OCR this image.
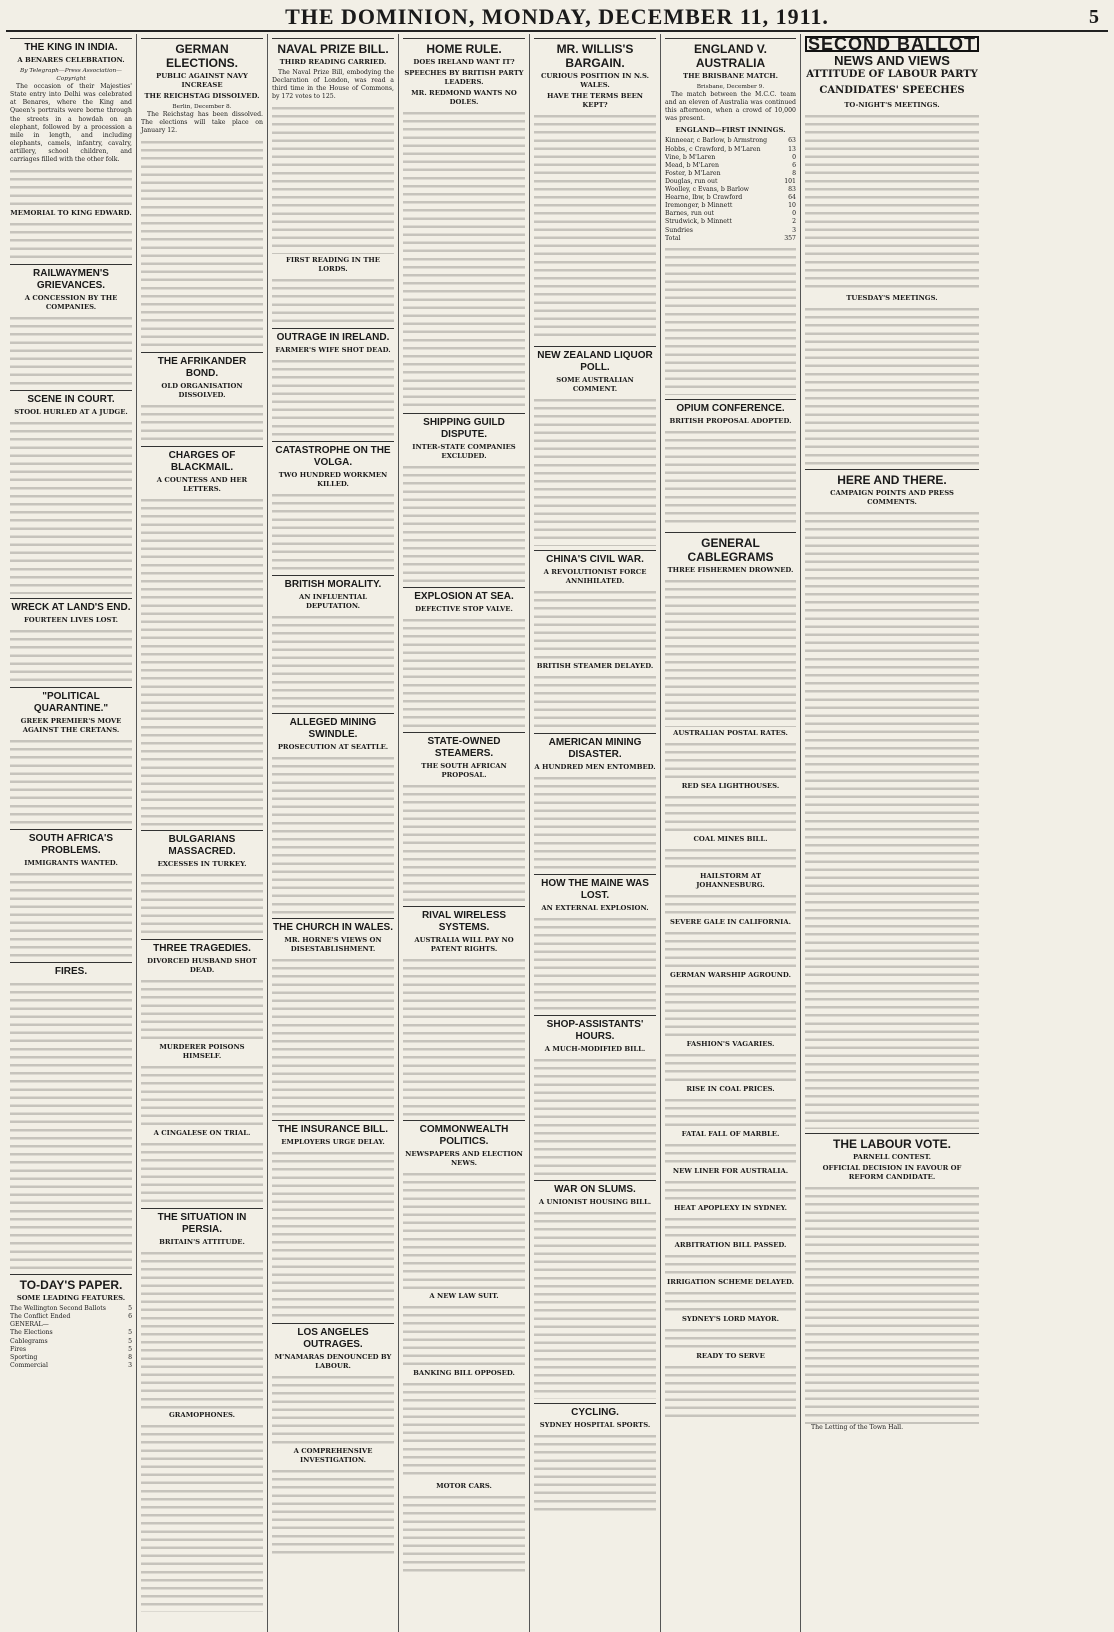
THE DOMINION, MONDAY, DECEMBER 11, 1911.	5
THE KING IN INDIA.
A BENARES CELEBRATION.
By Telegraph—Press Association—Copyright

The occasion of their Majesties' State entry into Delhi was celebrated at Benares, where the King and Queen's portraits were borne through the streets in a howdah on an elephant, followed by a procession a mile in length, and including elephants, camels, infantry, cavalry, artillery, school children, and carriages filled with the other folk.

MEMORIAL TO KING EDWARD.
RAILWAYMEN'S GRIEVANCES.
A CONCESSION BY THE COMPANIES.
SCENE IN COURT.
STOOL HURLED AT A JUDGE.
WRECK AT LAND'S END.
FOURTEEN LIVES LOST.
"POLITICAL QUARANTINE."
GREEK PREMIER'S MOVE AGAINST THE CRETANS.
SOUTH AFRICA'S PROBLEMS.
IMMIGRANTS WANTED.
FIRES.
TO-DAY'S PAPER.
SOME LEADING FEATURES.
The Wellington Second Ballots	5
The Conflict Ended	6
GENERAL—
The Elections	5
Cablegrams	5
Fires	5
Sporting	8
Commercial	3
GERMAN ELECTIONS.
PUBLIC AGAINST NAVY INCREASE
THE REICHSTAG DISSOLVED.
Berlin, December 8.

The Reichstag has been dissolved. The elections will take place on January 12.

THE AFRIKANDER BOND.
OLD ORGANISATION DISSOLVED.
CHARGES OF BLACKMAIL.
A COUNTESS AND HER LETTERS.
BULGARIANS MASSACRED.
EXCESSES IN TURKEY.
THREE TRAGEDIES.
DIVORCED HUSBAND SHOT DEAD.
MURDERER POISONS HIMSELF.
A CINGALESE ON TRIAL.
THE SITUATION IN PERSIA.
BRITAIN'S ATTITUDE.
GRAMOPHONES.
NAVAL PRIZE BILL.
THIRD READING CARRIED.

The Naval Prize Bill, embodying the Declaration of London, was read a third time in the House of Commons, by 172 votes to 125.

FIRST READING IN THE LORDS.
OUTRAGE IN IRELAND.
FARMER'S WIFE SHOT DEAD.
CATASTROPHE ON THE VOLGA.
TWO HUNDRED WORKMEN KILLED.
BRITISH MORALITY.
AN INFLUENTIAL DEPUTATION.
ALLEGED MINING SWINDLE.
PROSECUTION AT SEATTLE.
THE CHURCH IN WALES.
MR. HORNE'S VIEWS ON DISESTABLISHMENT.
THE INSURANCE BILL.
EMPLOYERS URGE DELAY.
LOS ANGELES OUTRAGES.
M'NAMARAS DENOUNCED BY LABOUR.
A COMPREHENSIVE INVESTIGATION.
HOME RULE.
DOES IRELAND WANT IT?
SPEECHES BY BRITISH PARTY LEADERS.
MR. REDMOND WANTS NO DOLES.
SHIPPING GUILD DISPUTE.
INTER-STATE COMPANIES EXCLUDED.
EXPLOSION AT SEA.
DEFECTIVE STOP VALVE.
STATE-OWNED STEAMERS.
THE SOUTH AFRICAN PROPOSAL.
RIVAL WIRELESS SYSTEMS.
AUSTRALIA WILL PAY NO PATENT RIGHTS.
COMMONWEALTH POLITICS.
NEWSPAPERS AND ELECTION NEWS.
A NEW LAW SUIT.
BANKING BILL OPPOSED.
MOTOR CARS.
MR. WILLIS'S BARGAIN.
CURIOUS POSITION IN N.S. WALES.
HAVE THE TERMS BEEN KEPT?
NEW ZEALAND LIQUOR POLL.
SOME AUSTRALIAN COMMENT.
CHINA'S CIVIL WAR.
A REVOLUTIONIST FORCE ANNIHILATED.
BRITISH STEAMER DELAYED.
AMERICAN MINING DISASTER.
A HUNDRED MEN ENTOMBED.
HOW THE MAINE WAS LOST.
AN EXTERNAL EXPLOSION.
SHOP-ASSISTANTS' HOURS.
A MUCH-MODIFIED BILL.
WAR ON SLUMS.
A UNIONIST HOUSING BILL.
CYCLING.
SYDNEY HOSPITAL SPORTS.
ENGLAND V. AUSTRALIA
THE BRISBANE MATCH.
Brisbane, December 9.

The match between the M.C.C. team and an eleven of Australia was continued this afternoon, when a crowd of 10,000 was present.

ENGLAND—FIRST INNINGS.
Kinneear, c Barlow, b Armstrong	63
Hobbs, c Crawford, b M'Laren	13
Vine, b M'Laren	0
Mead, b M'Laren	6
Foster, b M'Laren	8
Douglas, run out	101
Woolley, c Evans, b Barlow	83
Hearne, lbw, b Crawford	64
Iremonger, b Minnett	10
Barnes, run out	0
Strudwick, b Minnett	2
Sundries	3
Total	357
OPIUM CONFERENCE.
BRITISH PROPOSAL ADOPTED.
GENERAL CABLEGRAMS
THREE FISHERMEN DROWNED.
AUSTRALIAN POSTAL RATES.
RED SEA LIGHTHOUSES.
COAL MINES BILL.
HAILSTORM AT JOHANNESBURG.
SEVERE GALE IN CALIFORNIA.
GERMAN WARSHIP AGROUND.
FASHION'S VAGARIES.
RISE IN COAL PRICES.
FATAL FALL OF MARBLE.
NEW LINER FOR AUSTRALIA.
HEAT APOPLEXY IN SYDNEY.
ARBITRATION BILL PASSED.
IRRIGATION SCHEME DELAYED.
SYDNEY'S LORD MAYOR.
READY TO SERVE
SECOND BALLOT
NEWS AND VIEWS
ATTITUDE OF LABOUR PARTY
CANDIDATES' SPEECHES
TO-NIGHT'S MEETINGS.
TUESDAY'S MEETINGS.
HERE AND THERE.
CAMPAIGN POINTS AND PRESS COMMENTS.
THE LABOUR VOTE.
PARNELL CONTEST.
OFFICIAL DECISION IN FAVOUR OF REFORM CANDIDATE.

The Letting of the Town Hall.
